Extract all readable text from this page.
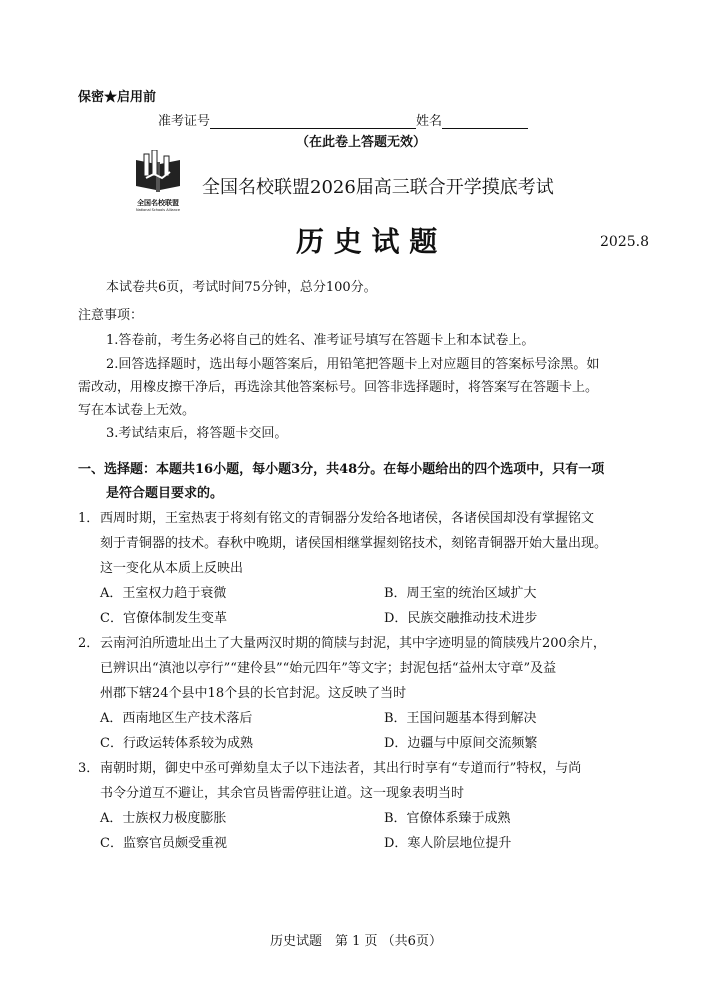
保密★启用前
准考证号	姓名
（在此卷上答题无效）
全国名校联盟
National Schools Alliance
全国名校联盟2026届高三联合开学摸底考试
历 史 试 题	2025.8
本试卷共6页，考试时间75分钟，总分100分。
注意事项：
1.答卷前，考生务必将自己的姓名、准考证号填写在答题卡上和本试卷上。
2.回答选择题时，选出每小题答案后，用铅笔把答题卡上对应题目的答案标号涂黑。如
需改动，用橡皮擦干净后，再选涂其他答案标号。回答非选择题时，将答案写在答题卡上。
写在本试卷上无效。
3.考试结束后，将答题卡交回。
一、选择题：本题共16小题，每小题3分，共48分。在每小题给出的四个选项中，只有一项
是符合题目要求的。
1． 西周时期，王室热衷于将刻有铭文的青铜器分发给各地诸侯，各诸侯国却没有掌握铭文
刻于青铜器的技术。春秋中晚期，诸侯国相继掌握刻铭技术，刻铭青铜器开始大量出现。
这一变化从本质上反映出
A．王室权力趋于衰微	B．周王室的统治区域扩大
C．官僚体制发生变革	D．民族交融推动技术进步
2． 云南河泊所遗址出土了大量两汉时期的简牍与封泥，其中字迹明显的简牍残片200余片，
已辨识出“滇池以亭行”“建伶县”“始元四年”等文字；封泥包括“益州太守章”及益
州郡下辖24个县中18个县的长官封泥。这反映了当时
A．西南地区生产技术落后	B．王国问题基本得到解决
C．行政运转体系较为成熟	D．边疆与中原间交流频繁
3． 南朝时期，御史中丞可弹劾皇太子以下违法者，其出行时享有“专道而行”特权，与尚
书令分道互不避让，其余官员皆需停驻让道。这一现象表明当时
A．士族权力极度膨胀	B．官僚体系臻于成熟
C．监察官员颇受重视	D．寒人阶层地位提升
历史试题　第 1 页 （共6页）
